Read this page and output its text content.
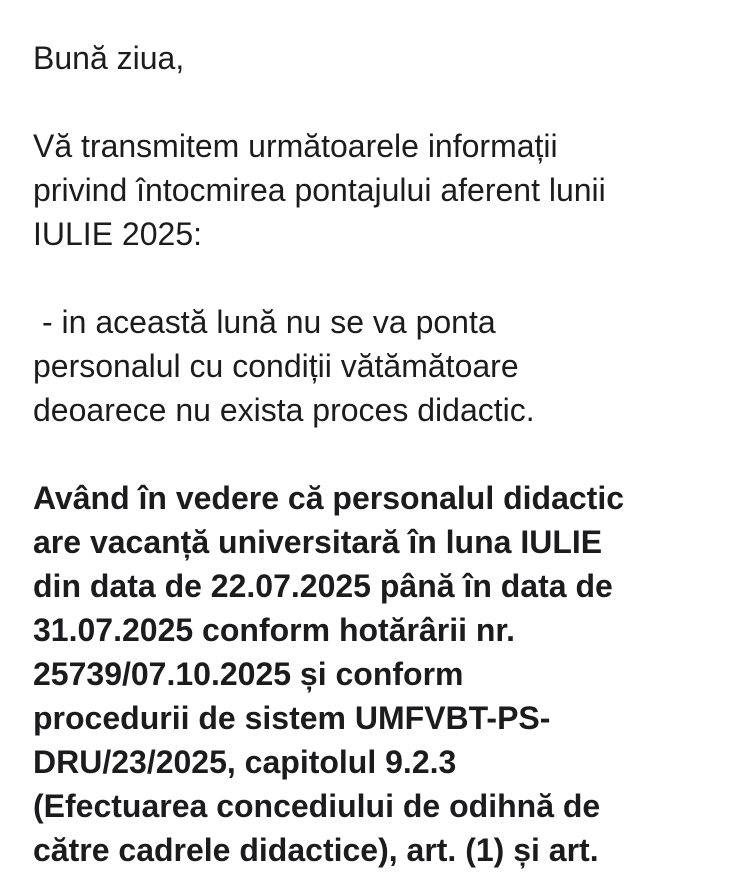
Bună ziua,
Vă transmitem următoarele informații
privind întocmirea pontajului aferent lunii
IULIE 2025:
- in această lună nu se va ponta
personalul cu condiții vătămătoare
deoarece nu exista proces didactic.
Având în vedere că personalul didactic
are vacanță universitară în luna IULIE
din data de 22.07.2025 până în data de
31.07.2025 conform hotărârii nr.
25739/07.10.2025 și conform
procedurii de sistem UMFVBT-PS-
DRU/23/2025, capitolul 9.2.3
(Efectuarea concediului de odihnă de
către cadrele didactice), art. (1) și art.
